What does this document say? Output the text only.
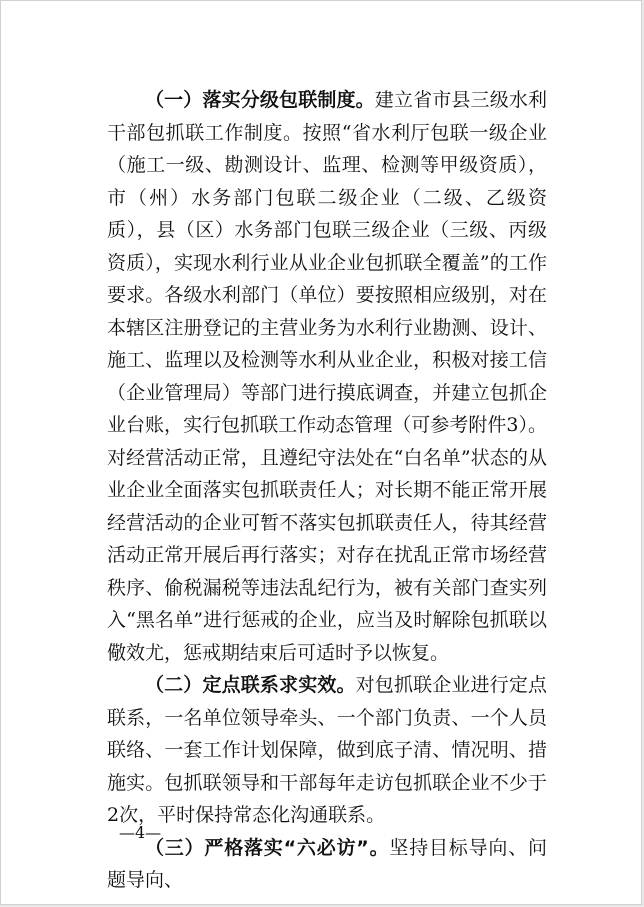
（一）落实分级包联制度。建立省市县三级水利干部包抓联工作制度。按照“省水利厅包联一级企业（施工一级、勘测设计、监理、检测等甲级资质），市（州）水务部门包联二级企业（二级、乙级资质），县（区）水务部门包联三级企业（三级、丙级资质），实现水利行业从业企业包抓联全覆盖”的工作要求。各级水利部门（单位）要按照相应级别，对在本辖区注册登记的主营业务为水利行业勘测、设计、施工、监理以及检测等水利从业企业，积极对接工信（企业管理局）等部门进行摸底调查，并建立包抓企业台账，实行包抓联工作动态管理（可参考附件3）。对经营活动正常，且遵纪守法处在“白名单”状态的从业企业全面落实包抓联责任人；对长期不能正常开展经营活动的企业可暂不落实包抓联责任人，待其经营活动正常开展后再行落实；对存在扰乱正常市场经营秩序、偷税漏税等违法乱纪行为，被有关部门查实列入“黑名单”进行惩戒的企业，应当及时解除包抓联以儆效尤，惩戒期结束后可适时予以恢复。

（二）定点联系求实效。对包抓联企业进行定点联系，一名单位领导牵头、一个部门负责、一个人员联络、一套工作计划保障，做到底子清、情况明、措施实。包抓联领导和干部每年走访包抓联企业不少于2次，平时保持常态化沟通联系。

（三）严格落实“六必访”。坚持目标导向、问题导向、

—4—
